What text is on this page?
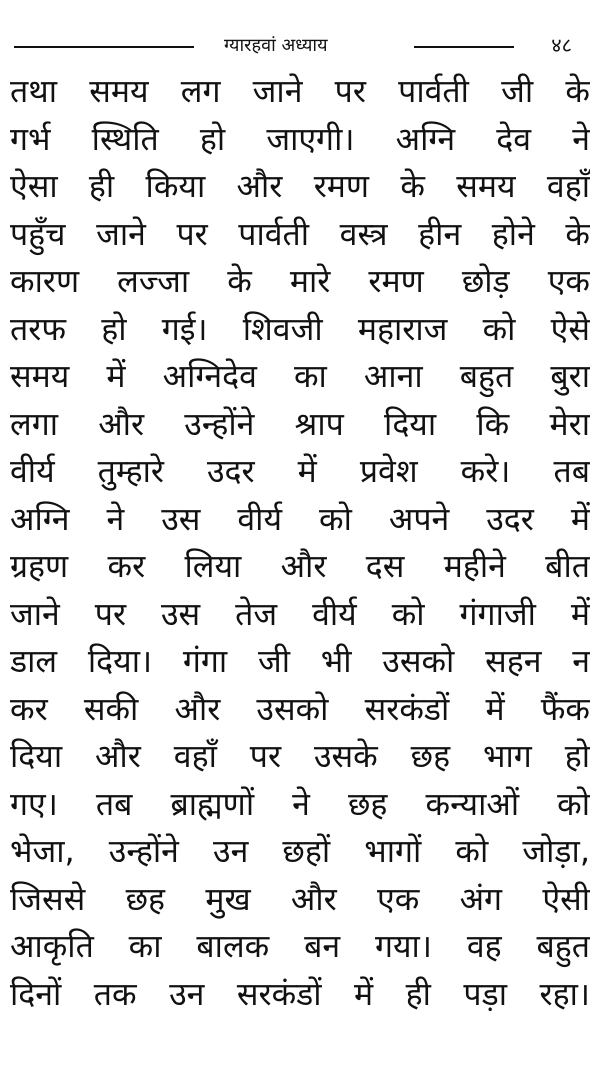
ग्यारहवां अध्याय	४८
तथा समय लग जाने पर पार्वती जी के
गर्भ स्थिति हो जाएगी। अग्नि देव ने
ऐसा ही किया और रमण के समय वहाँ
पहुँच जाने पर पार्वती वस्त्र हीन होने के
कारण लज्जा के मारे रमण छोड़ एक
तरफ हो गई। शिवजी महाराज को ऐसे
समय में अग्निदेव का आना बहुत बुरा
लगा और उन्होंने श्राप दिया कि मेरा
वीर्य तुम्हारे उदर में प्रवेश करे। तब
अग्नि ने उस वीर्य को अपने उदर में
ग्रहण कर लिया और दस महीने बीत
जाने पर उस तेज वीर्य को गंगाजी में
डाल दिया। गंगा जी भी उसको सहन न
कर सकी और उसको सरकंडों में फैंक
दिया और वहाँ पर उसके छह भाग हो
गए। तब ब्राह्मणों ने छह कन्याओं को
भेजा, उन्होंने उन छहों भागों को जोड़ा,
जिससे छह मुख और एक अंग ऐसी
आकृति का बालक बन गया। वह बहुत
दिनों तक उन सरकंडों में ही पड़ा रहा।
